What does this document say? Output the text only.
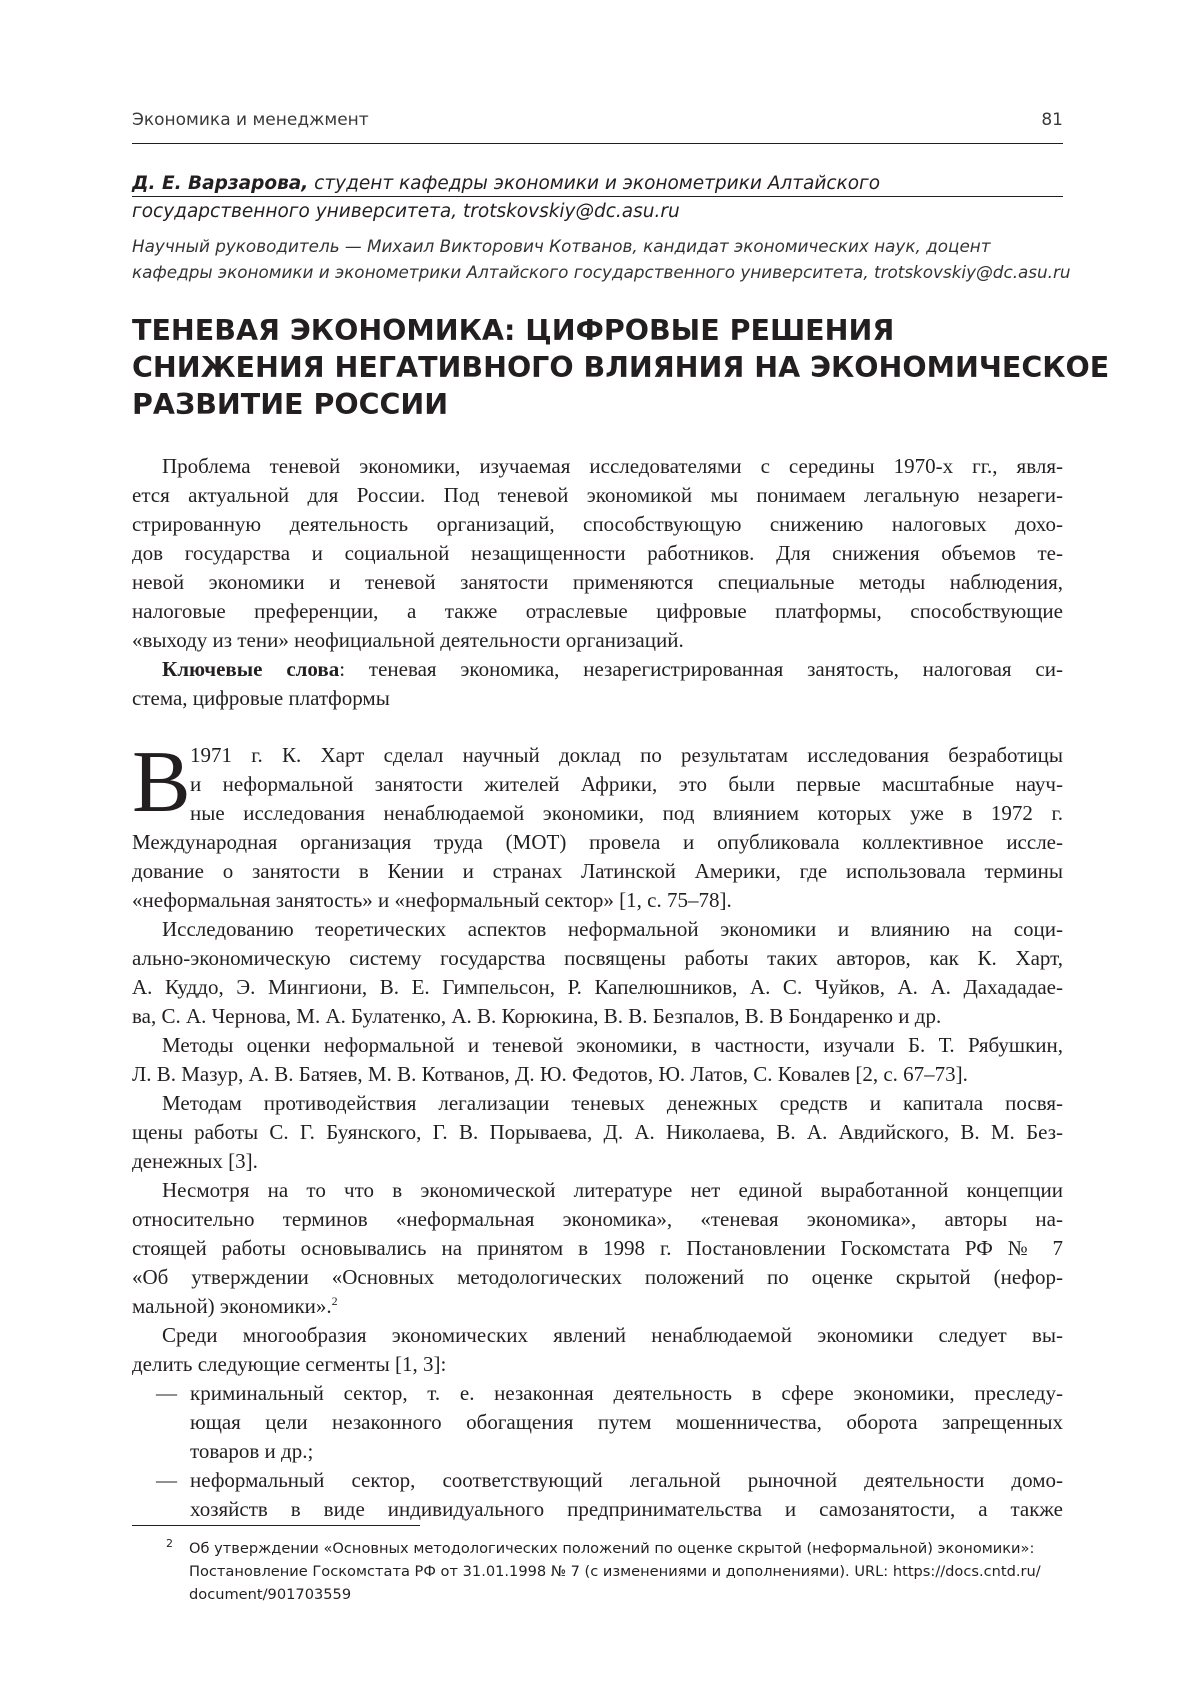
Экономика и менеджмент	81
Д. Е. Варзарова, студент кафедры экономики и эконометрики Алтайского
государственного университета, trotskovskiy@dc.asu.ru
Научный руководитель — Михаил Викторович Котванов, кандидат экономических наук, доцент
кафедры экономики и эконометрики Алтайского государственного университета, trotskovskiy@dc.asu.ru
ТЕНЕВАЯ ЭКОНОМИКА: ЦИФРОВЫЕ РЕШЕНИЯ
СНИЖЕНИЯ НЕГАТИВНОГО ВЛИЯНИЯ НА ЭКОНОМИЧЕСКОЕ
РАЗВИТИЕ РОССИИ
Проблема теневой экономики, изучаемая исследователями с середины 1970-х гг., явля-
ется актуальной для России. Под теневой экономикой мы понимаем легальную незареги-
стрированную деятельность организаций, способствующую снижению налоговых дохо-
дов государства и социальной незащищенности работников. Для снижения объемов те-
невой экономики и теневой занятости применяются специальные методы наблюдения,
налоговые преференции, а также отраслевые цифровые платформы, способствующие
«выходу из тени» неофициальной деятельности организаций.
Ключевые слова: теневая экономика, незарегистрированная занятость, налоговая си-
стема, цифровые платформы
В 1971 г. К. Харт сделал научный доклад по результатам исследования безработицы
и неформальной занятости жителей Африки, это были первые масштабные науч-
ные исследования ненаблюдаемой экономики, под влиянием которых уже в 1972 г.
Международная организация труда (МОТ) провела и опубликовала коллективное иссле-
дование о занятости в Кении и странах Латинской Америки, где использовала термины
«неформальная занятость» и «неформальный сектор» [1, с. 75–78].
Исследованию теоретических аспектов неформальной экономики и влиянию на соци-
ально-экономическую систему государства посвящены работы таких авторов, как К. Харт,
А. Куддо, Э. Мингиони, В. Е. Гимпельсон, Р. Капелюшников, А. С. Чуйков, А. А. Дахададае-
ва, С. А. Чернова, М. А. Булатенко, А. В. Корюкина, В. В. Безпалов, В. В Бондаренко и др.
Методы оценки неформальной и теневой экономики, в частности, изучали Б. Т. Рябушкин,
Л. В. Мазур, А. В. Батяев, М. В. Котванов, Д. Ю. Федотов, Ю. Латов, С. Ковалев [2, с. 67–73].
Методам противодействия легализации теневых денежных средств и капитала посвя-
щены работы С. Г. Буянского, Г. В. Порываева, Д. А. Николаева, В. А. Авдийского, В. М. Без-
денежных [3].
Несмотря на то что в экономической литературе нет единой выработанной концепции
относительно терминов «неформальная экономика», «теневая экономика», авторы на-
стоящей работы основывались на принятом в 1998 г. Постановлении Госкомстата РФ № 7
«Об утверждении «Основных методологических положений по оценке скрытой (нефор-
мальной) экономики».$^2$
Среди многообразия экономических явлений ненаблюдаемой экономики следует вы-
делить следующие сегменты [1, 3]:
— криминальный сектор, т. е. незаконная деятельность в сфере экономики, преследу-
ющая цели незаконного обогащения путем мошенничества, оборота запрещенных
товаров и др.;
— неформальный сектор, соответствующий легальной рыночной деятельности домо-
хозяйств в виде индивидуального предпринимательства и самозанятости, а также
2 Об утверждении «Основных методологических положений по оценке скрытой (неформальной) экономики»:
Постановление Госкомстата РФ от 31.01.1998 № 7 (с изменениями и дополнениями). URL: https://docs.cntd.ru/
document/901703559
